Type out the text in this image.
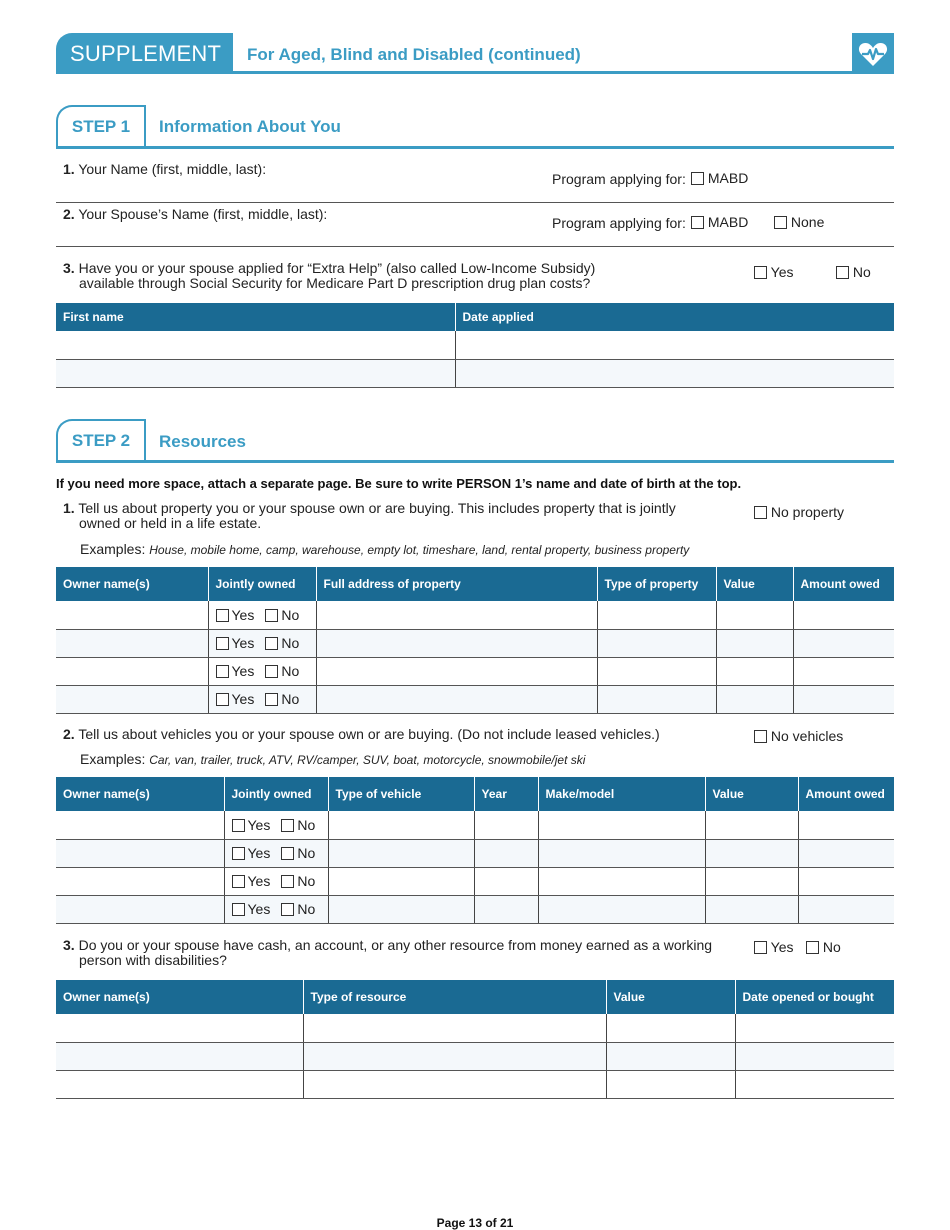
SUPPLEMENT	For Aged, Blind and Disabled (continued)
STEP 1	Information About You
1. Your Name (first, middle, last):
Program applying for:	MABD
2. Your Spouse’s Name (first, middle, last):
Program applying for:	MABD	None
3. Have you or your spouse applied for “Extra Help” (also called Low-Income Subsidy)
available through Social Security for Medicare Part D prescription drug plan costs?
Yes	No
First name	Date applied

STEP 2	Resources
If you need more space, attach a separate page. Be sure to write PERSON 1’s name and date of birth at the top.
1. Tell us about property you or your spouse own or are buying. This includes property that is jointly
owned or held in a life estate.
No property
Examples: House, mobile home, camp, warehouse, empty lot, timeshare, land, rental property, business property
Owner name(s)	Jointly owned	Full address of property	Type of property	Value	Amount owed
	Yes No				
	Yes No				
	Yes No				
	Yes No				
2. Tell us about vehicles you or your spouse own or are buying. (Do not include leased vehicles.)	No vehicles
Examples: Car, van, trailer, truck, ATV, RV/camper, SUV, boat, motorcycle, snowmobile/jet ski
Owner name(s)	Jointly owned	Type of vehicle	Year	Make/model	Value	Amount owed
	Yes No					
	Yes No					
	Yes No					
	Yes No					
3. Do you or your spouse have cash, an account, or any other resource from money earned as a working
person with disabilities?
Yes	No
Owner name(s)	Type of resource	Value	Date opened or bought

Page 13 of 21
